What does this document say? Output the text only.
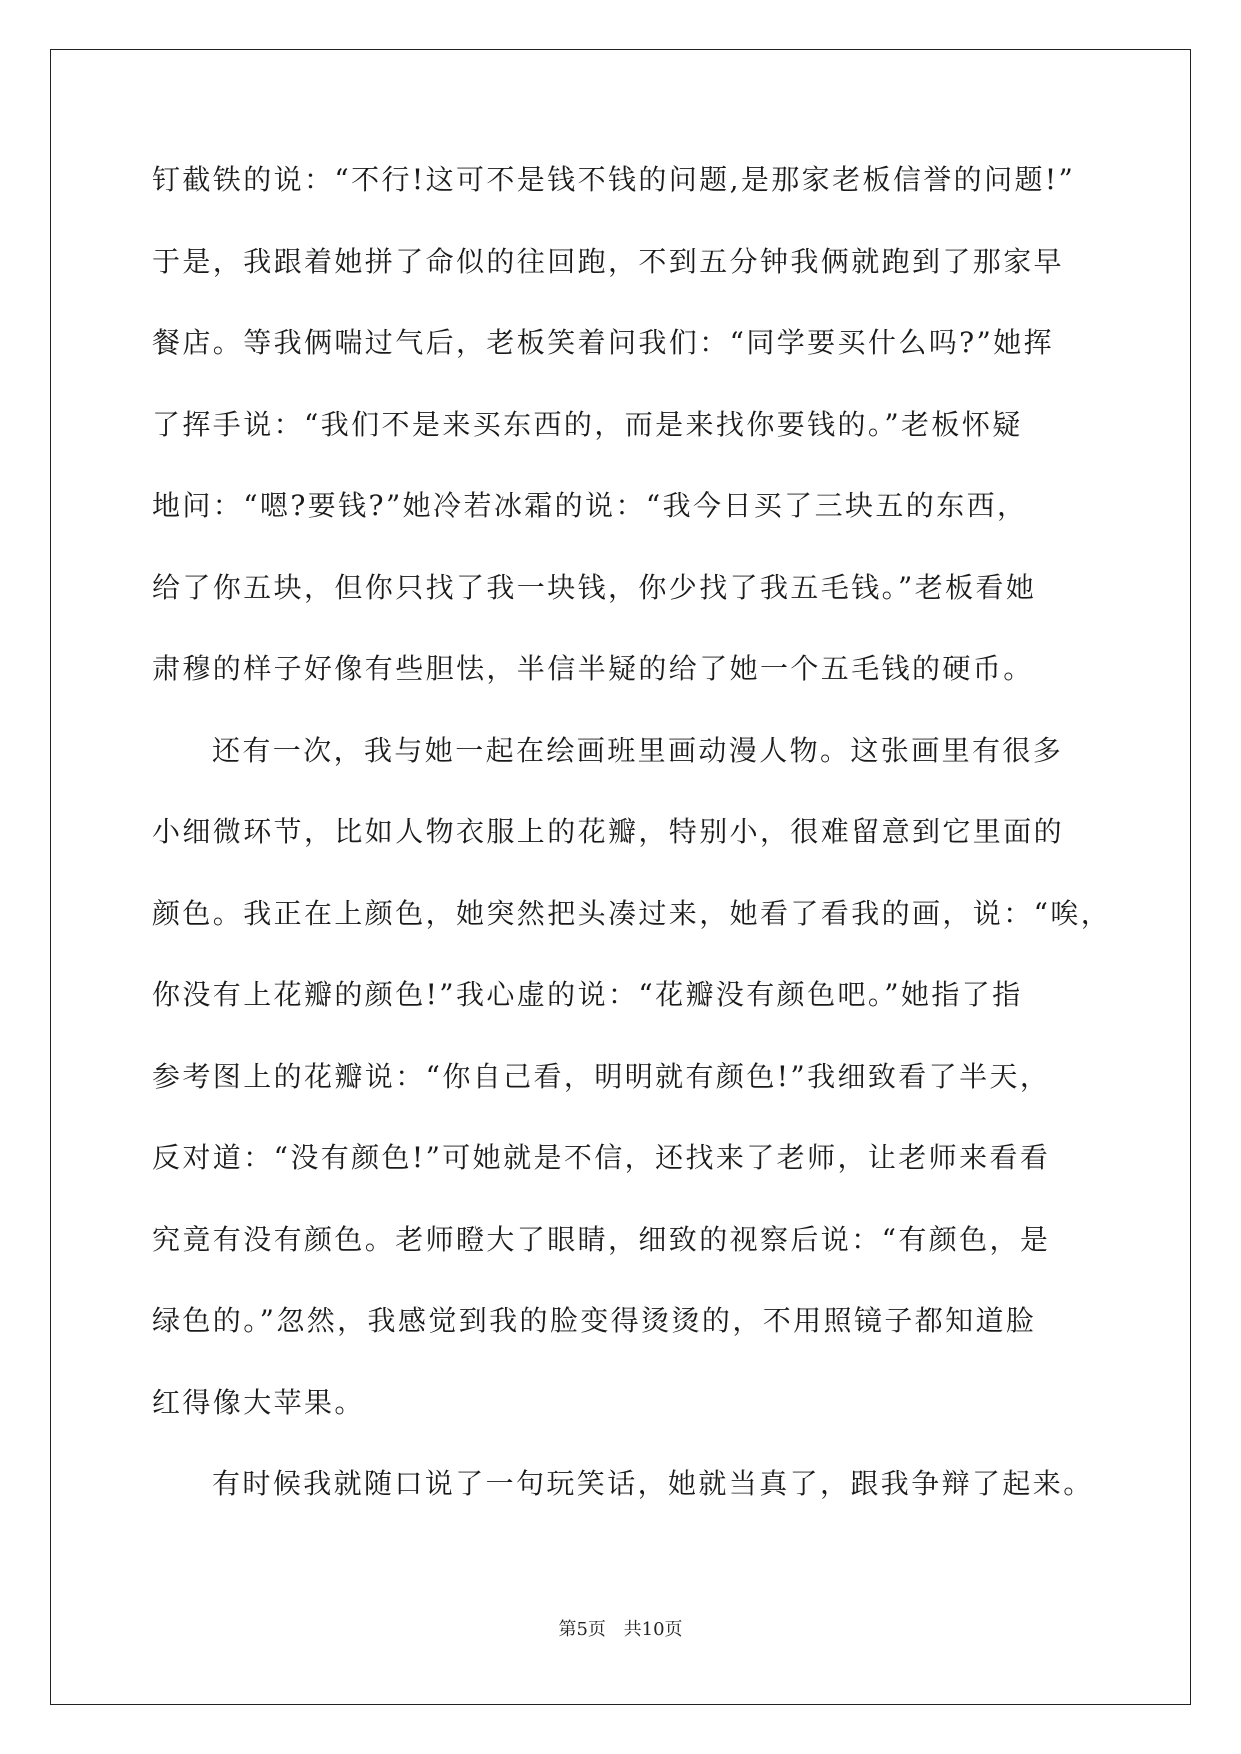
钉截铁的说：“不行!这可不是钱不钱的问题,是那家老板信誉的问题!”
于是，我跟着她拼了命似的往回跑，不到五分钟我俩就跑到了那家早
餐店。等我俩喘过气后，老板笑着问我们：“同学要买什么吗?”她挥
了挥手说：“我们不是来买东西的，而是来找你要钱的。”老板怀疑
地问：“嗯?要钱?”她冷若冰霜的说：“我今日买了三块五的东西，
给了你五块，但你只找了我一块钱，你少找了我五毛钱。”老板看她
肃穆的样子好像有些胆怯，半信半疑的给了她一个五毛钱的硬币。
还有一次，我与她一起在绘画班里画动漫人物。这张画里有很多
小细微环节，比如人物衣服上的花瓣，特别小，很难留意到它里面的
颜色。我正在上颜色，她突然把头凑过来，她看了看我的画，说：“唉，
你没有上花瓣的颜色!”我心虚的说：“花瓣没有颜色吧。”她指了指
参考图上的花瓣说：“你自己看，明明就有颜色!”我细致看了半天，
反对道：“没有颜色!”可她就是不信，还找来了老师，让老师来看看
究竟有没有颜色。老师瞪大了眼睛，细致的视察后说：“有颜色，是
绿色的。”忽然，我感觉到我的脸变得烫烫的，不用照镜子都知道脸
红得像大苹果。
有时候我就随口说了一句玩笑话，她就当真了，跟我争辩了起来。
第5页 共10页
